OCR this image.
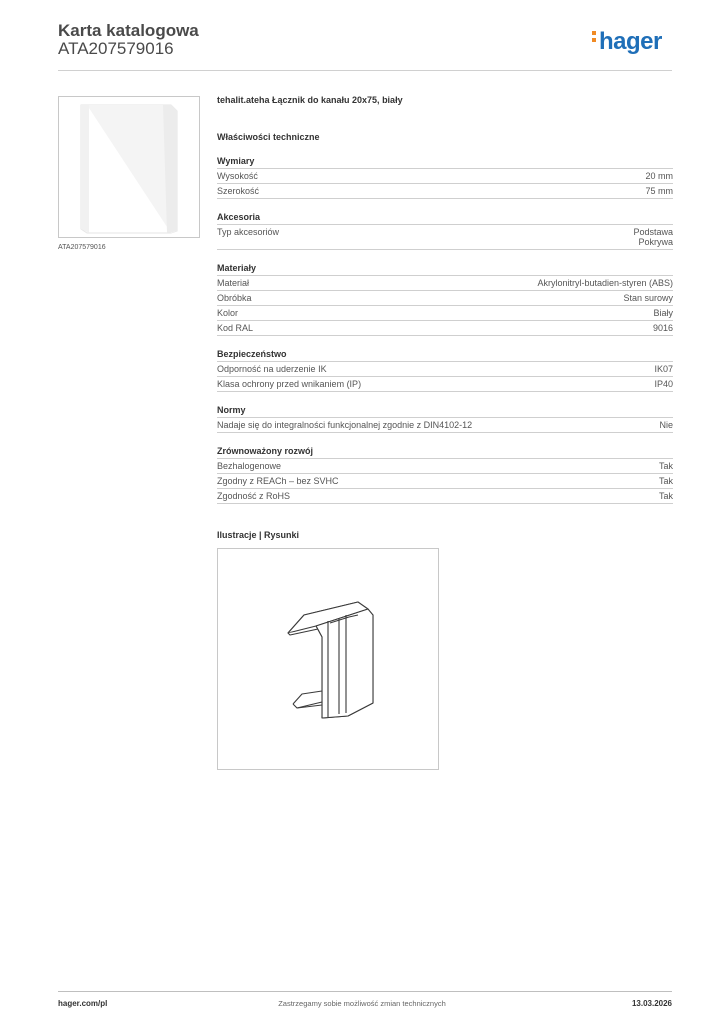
Karta katalogowa
ATA207579016	hager
ATA207579016

tehalit.ateha Łącznik do kanału 20x75, biały

Właściwości techniczne

Wymiary
Wysokość	20 mm
Szerokość	75 mm
Akcesoria
Typ akcesoriów	Podstawa
Pokrywa
Materiały
Materiał	Akrylonitryl-butadien-styren (ABS)
Obróbka	Stan surowy
Kolor	Biały
Kod RAL	9016
Bezpieczeństwo
Odporność na uderzenie IK	IK07
Klasa ochrony przed wnikaniem (IP)	IP40
Normy
Nadaje się do integralności funkcjonalnej zgodnie z DIN4102-12	Nie
Zrównoważony rozwój
Bezhalogenowe	Tak
Zgodny z REACh – bez SVHC	Tak
Zgodność z RoHS	Tak
Ilustracje | Rysunki
hager.com/pl	Zastrzegamy sobie możliwość zmian technicznych	13.03.2026
